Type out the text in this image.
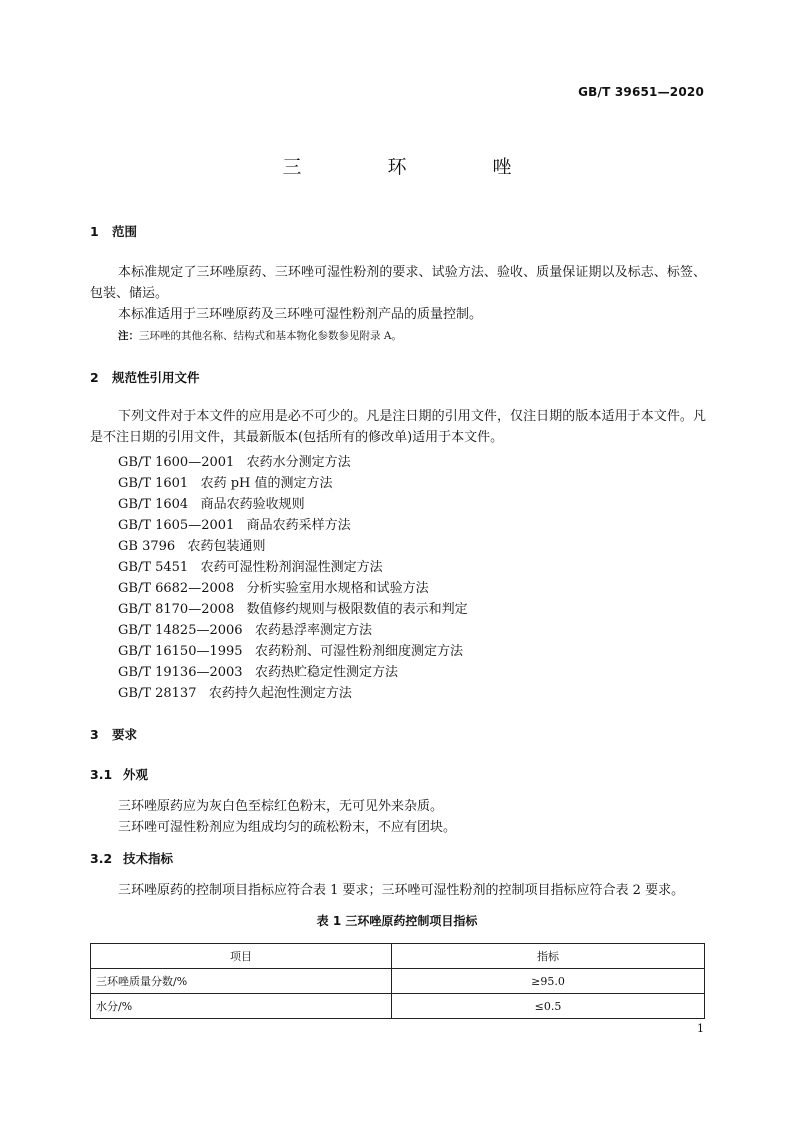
GB/T 39651—2020
三 环 唑
1 范围
本标准规定了三环唑原药、三环唑可湿性粉剂的要求、试验方法、验收、质量保证期以及标志、标签、包装、储运。
本标准适用于三环唑原药及三环唑可湿性粉剂产品的质量控制。
注：三环唑的其他名称、结构式和基本物化参数参见附录 A。
2 规范性引用文件
下列文件对于本文件的应用是必不可少的。凡是注日期的引用文件，仅注日期的版本适用于本文件。凡是不注日期的引用文件，其最新版本(包括所有的修改单)适用于本文件。
GB/T 1600—2001   农药水分测定方法
GB/T 1601   农药 pH 值的测定方法
GB/T 1604   商品农药验收规则
GB/T 1605—2001   商品农药采样方法
GB 3796   农药包装通则
GB/T 5451   农药可湿性粉剂润湿性测定方法
GB/T 6682—2008   分析实验室用水规格和试验方法
GB/T 8170—2008   数值修约规则与极限数值的表示和判定
GB/T 14825—2006   农药悬浮率测定方法
GB/T 16150—1995   农药粉剂、可湿性粉剂细度测定方法
GB/T 19136—2003   农药热贮稳定性测定方法
GB/T 28137   农药持久起泡性测定方法
3 要求
3.1 外观
三环唑原药应为灰白色至棕红色粉末，无可见外来杂质。
三环唑可湿性粉剂应为组成均匀的疏松粉末，不应有团块。
3.2 技术指标
三环唑原药的控制项目指标应符合表 1 要求；三环唑可湿性粉剂的控制项目指标应符合表 2 要求。
表 1 三环唑原药控制项目指标
项目	指标
三环唑质量分数/%	≥95.0
水分/%	≤0.5
1
